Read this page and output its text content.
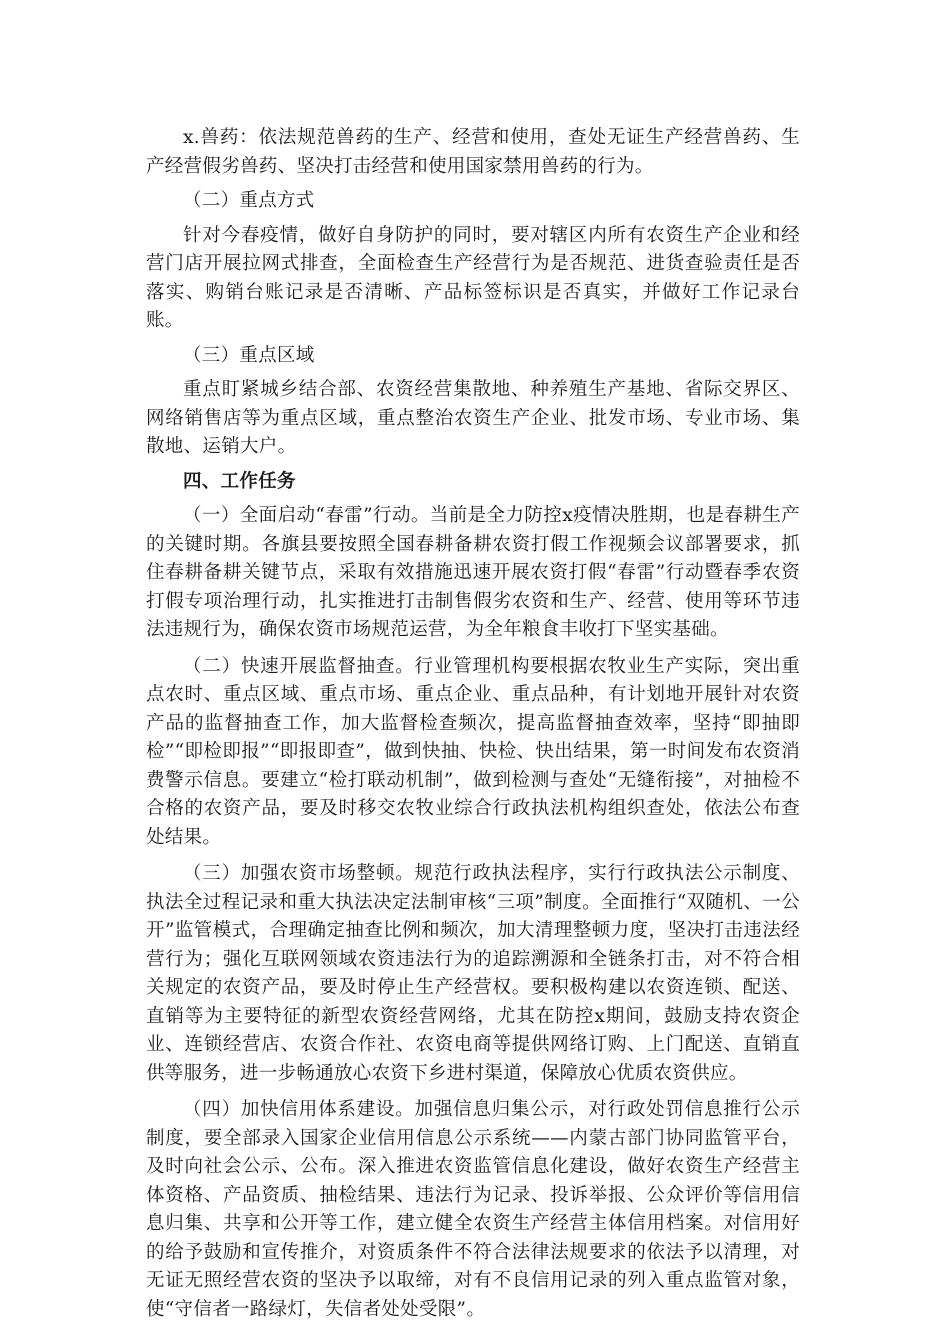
x.兽药：依法规范兽药的生产、经营和使用，查处无证生产经营兽药、生产经营假劣兽药、坚决打击经营和使用国家禁用兽药的行为。

（二）重点方式

针对今春疫情，做好自身防护的同时，要对辖区内所有农资生产企业和经营门店开展拉网式排查，全面检查生产经营行为是否规范、进货查验责任是否落实、购销台账记录是否清晰、产品标签标识是否真实，并做好工作记录台账。

（三）重点区域

重点盯紧城乡结合部、农资经营集散地、种养殖生产基地、省际交界区、网络销售店等为重点区域，重点整治农资生产企业、批发市场、专业市场、集散地、运销大户。

四、工作任务

（一）全面启动“春雷”行动。当前是全力防控x疫情决胜期，也是春耕生产的关键时期。各旗县要按照全国春耕备耕农资打假工作视频会议部署要求，抓住春耕备耕关键节点，采取有效措施迅速开展农资打假“春雷”行动暨春季农资打假专项治理行动，扎实推进打击制售假劣农资和生产、经营、使用等环节违法违规行为，确保农资市场规范运营，为全年粮食丰收打下坚实基础。

（二）快速开展监督抽查。行业管理机构要根据农牧业生产实际，突出重点农时、重点区域、重点市场、重点企业、重点品种，有计划地开展针对农资产品的监督抽查工作，加大监督检查频次，提高监督抽查效率，坚持“即抽即检”“即检即报”“即报即查”，做到快抽、快检、快出结果，第一时间发布农资消费警示信息。要建立“检打联动机制”，做到检测与查处“无缝衔接”，对抽检不合格的农资产品，要及时移交农牧业综合行政执法机构组织查处，依法公布查处结果。

（三）加强农资市场整顿。规范行政执法程序，实行行政执法公示制度、执法全过程记录和重大执法决定法制审核“三项”制度。全面推行“双随机、一公开”监管模式，合理确定抽查比例和频次，加大清理整顿力度，坚决打击违法经营行为；强化互联网领域农资违法行为的追踪溯源和全链条打击，对不符合相关规定的农资产品，要及时停止生产经营权。要积极构建以农资连锁、配送、直销等为主要特征的新型农资经营网络，尤其在防控x期间，鼓励支持农资企业、连锁经营店、农资合作社、农资电商等提供网络订购、上门配送、直销直供等服务，进一步畅通放心农资下乡进村渠道，保障放心优质农资供应。

（四）加快信用体系建设。加强信息归集公示，对行政处罚信息推行公示制度，要全部录入国家企业信用信息公示系统——内蒙古部门协同监管平台，及时向社会公示、公布。深入推进农资监管信息化建设，做好农资生产经营主体资格、产品资质、抽检结果、违法行为记录、投诉举报、公众评价等信用信息归集、共享和公开等工作，建立健全农资生产经营主体信用档案。对信用好的给予鼓励和宣传推介，对资质条件不符合法律法规要求的依法予以清理，对无证无照经营农资的坚决予以取缔，对有不良信用记录的列入重点监管对象，使“守信者一路绿灯，失信者处处受限”。
